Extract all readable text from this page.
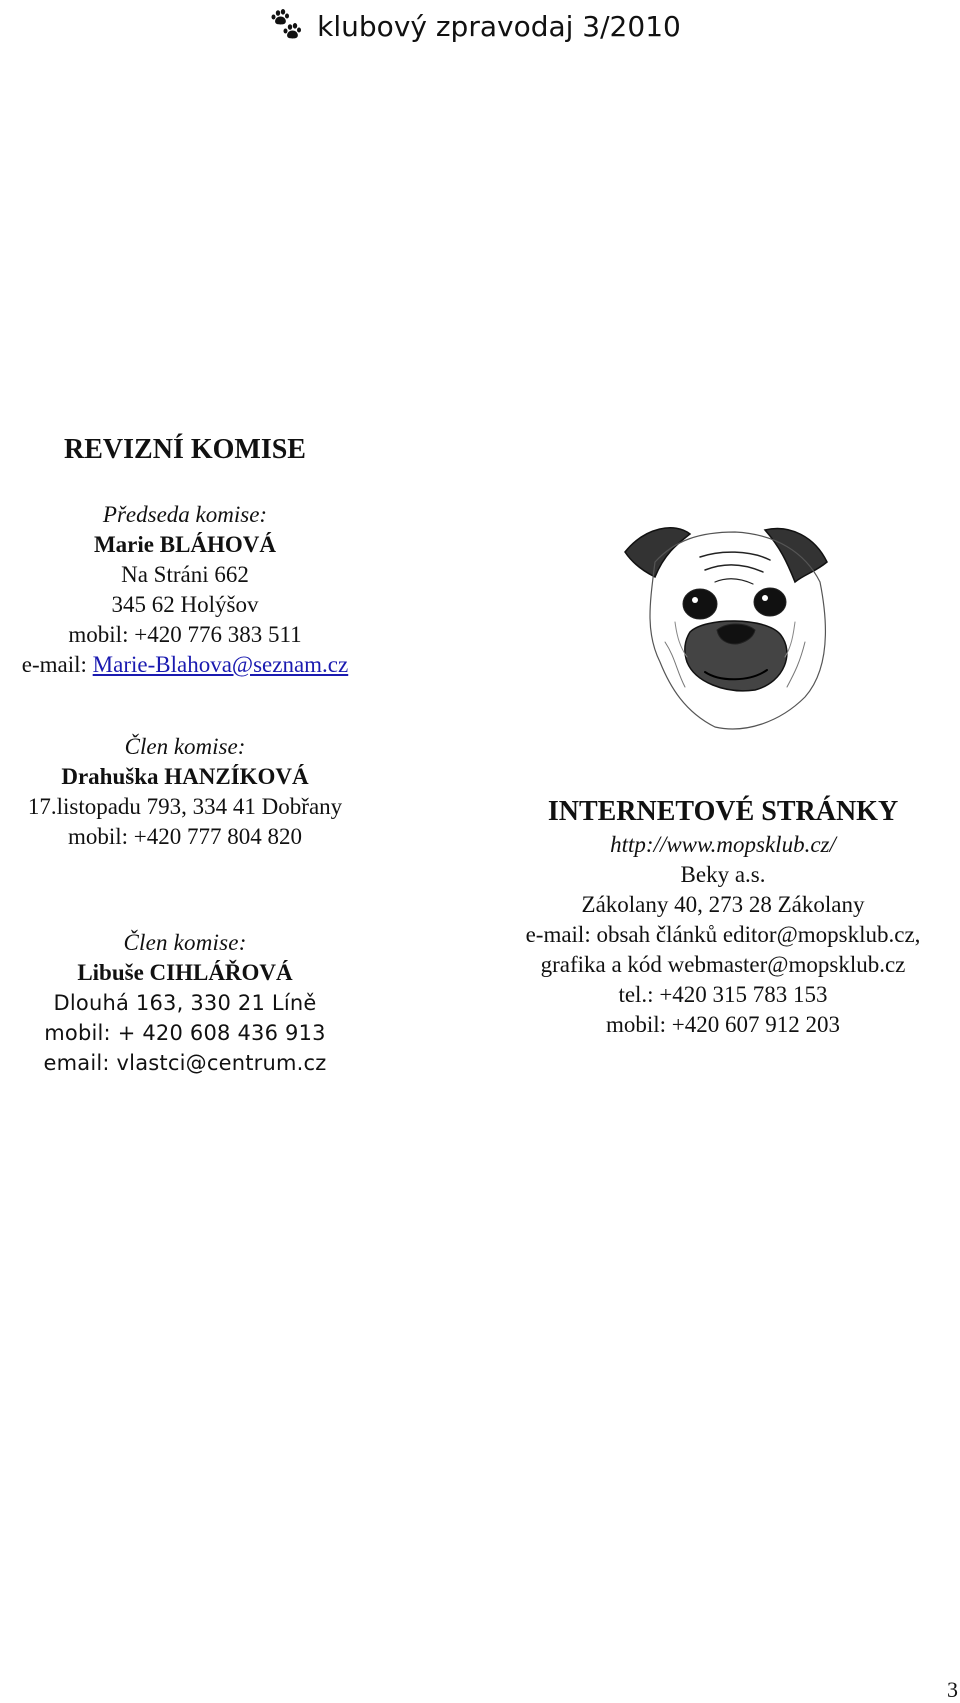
klubový zpravodaj 3/2010
REVIZNÍ KOMISE
Předseda komise:
Marie BLÁHOVÁ
Na Stráni 662
345 62 Holýšov
mobil: +420 776 383 511
e-mail: Marie-Blahova@seznam.cz
Člen komise:
Drahuška HANZÍKOVÁ
17.listopadu 793, 334 41 Dobřany
mobil: +420 777 804 820
Člen komise:
Libuše CIHLÁŘOVÁ
Dlouhá 163, 330 21 Líně
mobil: + 420 608 436 913
email: vlastci@centrum.cz
INTERNETOVÉ STRÁNKY
http://www.mopsklub.cz/
Beky a.s.
Zákolany 40, 273 28 Zákolany
e-mail: obsah článků editor@mopsklub.cz,
grafika a kód webmaster@mopsklub.cz
tel.: +420 315 783 153
mobil: +420 607 912 203
3
